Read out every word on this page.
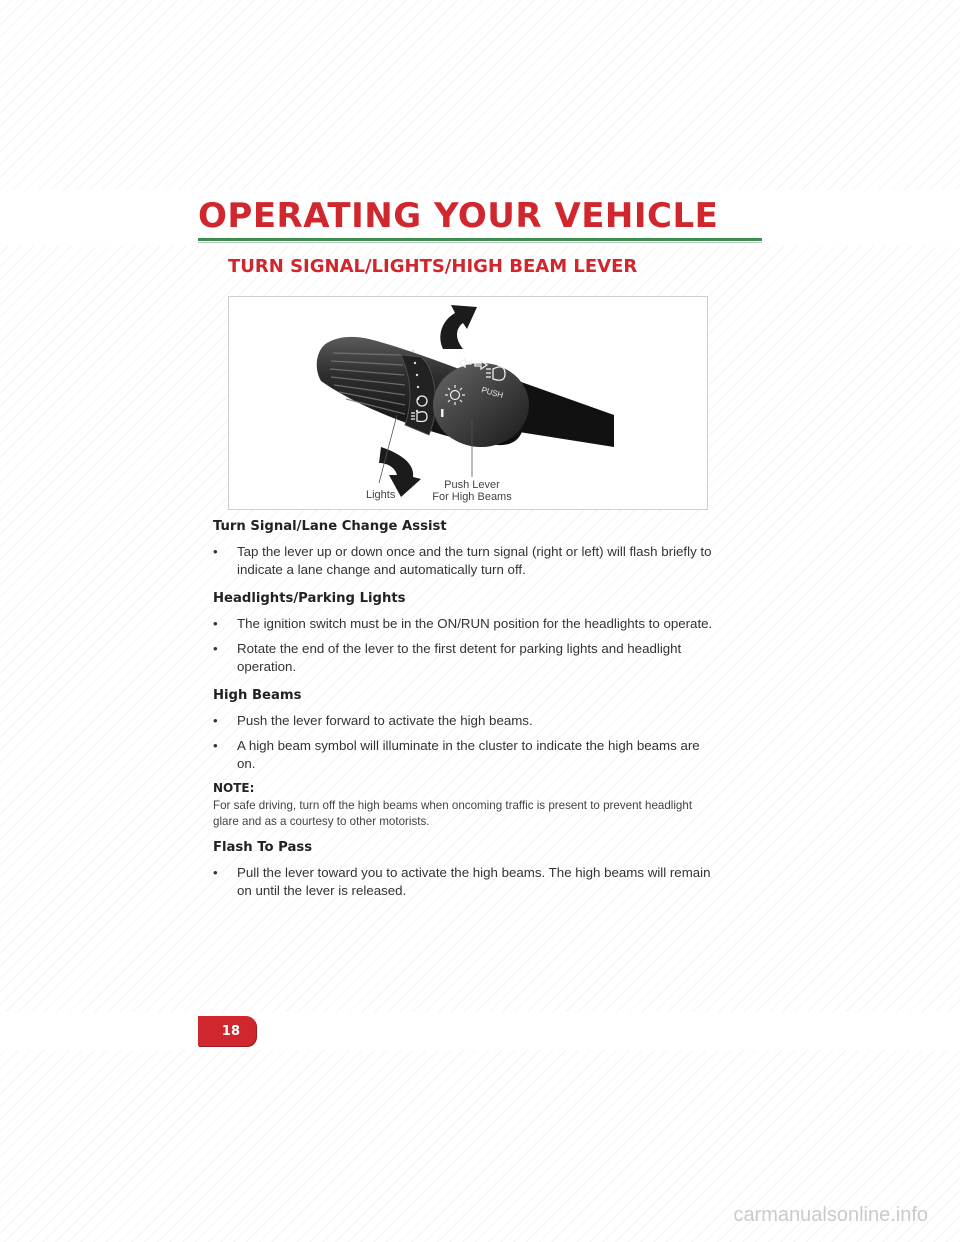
OPERATING YOUR VEHICLE
TURN SIGNAL/LIGHTS/HIGH BEAM LEVER
PUSH
Lights
Push Lever
For High Beams
Turn Signal/Lane Change Assist

• Tap the lever up or down once and the turn signal (right or left) will flash briefly to indicate a lane change and automatically turn off.

Headlights/Parking Lights

• The ignition switch must be in the ON/RUN position for the headlights to operate.

• Rotate the end of the lever to the first detent for parking lights and headlight operation.

High Beams

• Push the lever forward to activate the high beams.

• A high beam symbol will illuminate in the cluster to indicate the high beams are on.

NOTE:

For safe driving, turn off the high beams when oncoming traffic is present to prevent headlight glare and as a courtesy to other motorists.

Flash To Pass

• Pull the lever toward you to activate the high beams. The high beams will remain on until the lever is released.

18
carmanualsonline.info
